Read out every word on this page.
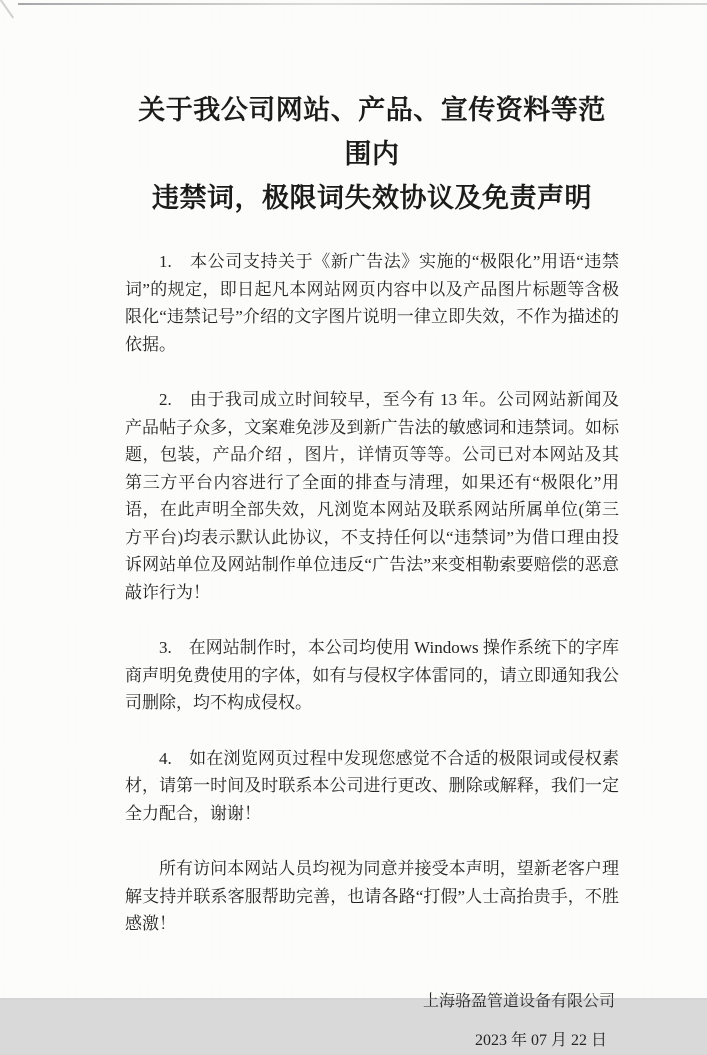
关于我公司网站、产品、宣传资料等范围内
违禁词，极限词失效协议及免责声明

1.　本公司支持关于《新广告法》实施的“极限化”用语“违禁词”的规定，即日起凡本网站网页内容中以及产品图片标题等含极限化“违禁记号”介绍的文字图片说明一律立即失效，不作为描述的依据。

2.　由于我司成立时间较早，至今有 13 年。公司网站新闻及产品帖子众多，文案难免涉及到新广告法的敏感词和违禁词。如标题，包装，产品介绍 ，图片，详情页等等。公司已对本网站及其第三方平台内容进行了全面的排查与清理，如果还有“极限化”用语，在此声明全部失效，凡浏览本网站及联系网站所属单位(第三方平台)均表示默认此协议，不支持任何以“违禁词”为借口理由投诉网站单位及网站制作单位违反“广告法”来变相勒索要赔偿的恶意敲诈行为！

3.　在网站制作时，本公司均使用 Windows 操作系统下的字库商声明免费使用的字体，如有与侵权字体雷同的，请立即通知我公司删除，均不构成侵权。

4.　如在浏览网页过程中发现您感觉不合适的极限词或侵权素材，请第一时间及时联系本公司进行更改、删除或解释，我们一定全力配合，谢谢！

所有访问本网站人员均视为同意并接受本声明，望新老客户理解支持并联系客服帮助完善，也请各路“打假”人士高抬贵手，不胜感激！

上海骆盈管道设备有限公司
2023 年 07 月 22 日
